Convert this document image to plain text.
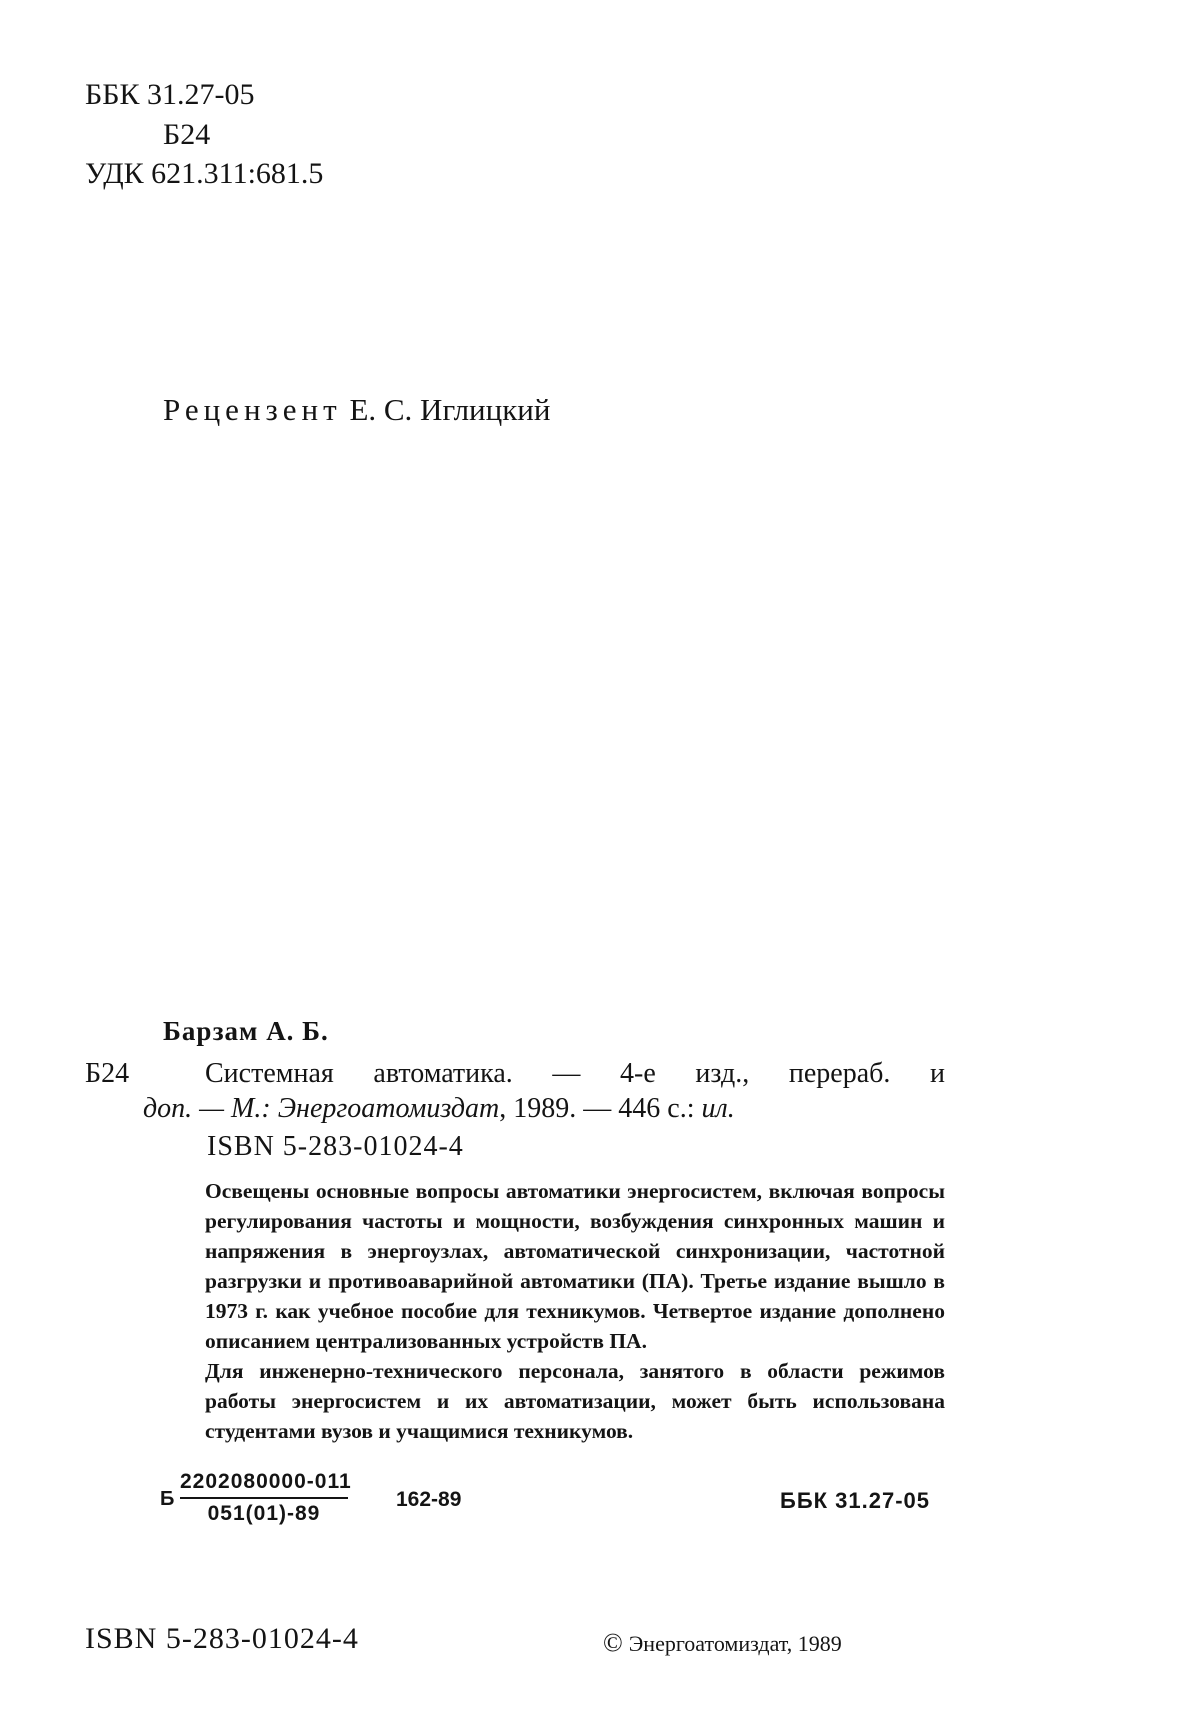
ББК 31.27-05
Б24
УДК 621.311:681.5
Рецензент Е. С. Иглицкий
Барзам А. Б.
Б24	Системная автоматика. — 4-е изд., перераб. и
доп. — М.: Энергоатомиздат, 1989. — 446 с.: ил.
ISBN 5-283-01024-4

Освещены основные вопросы автоматики энергосистем, включая вопросы регулирования частоты и мощности, возбуждения синхронных машин и напряжения в энергоузлах, автоматической синхронизации, частотной разгрузки и противоаварийной автоматики (ПА). Третье издание вышло в 1973 г. как учебное пособие для техникумов. Четвертое издание дополнено описанием централизованных устройств ПА.

Для инженерно-технического персонала, занятого в области режимов работы энергосистем и их автоматизации, может быть использована студентами вузов и учащимися техникумов.

Б
2202080000-011
051(01)-89
162-89	ББК 31.27-05
ISBN 5-283-01024-4	© Энергоатомиздат, 1989
